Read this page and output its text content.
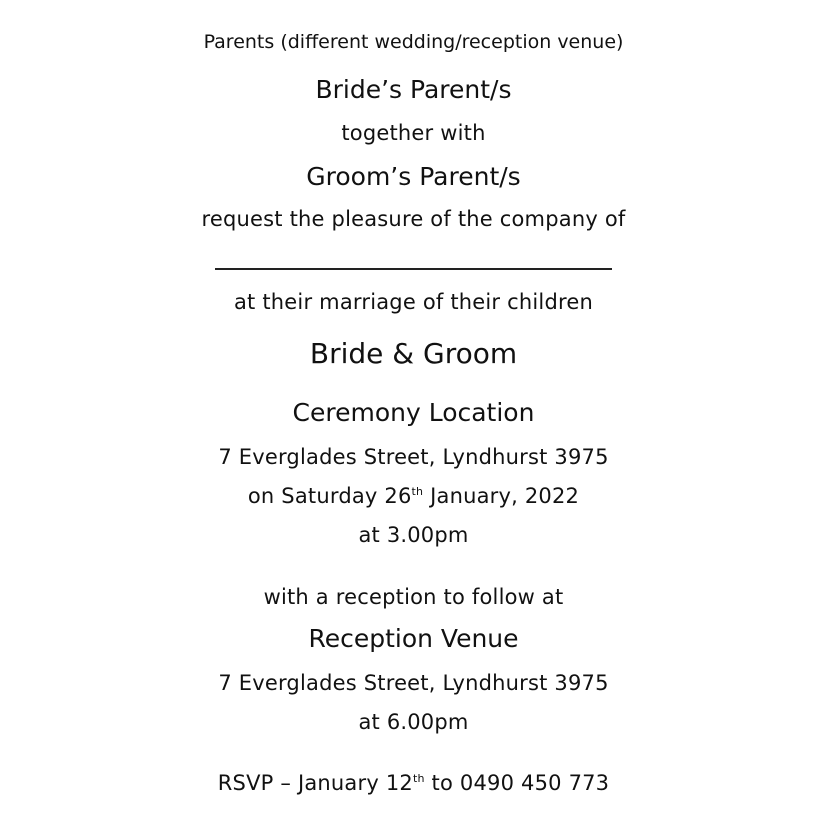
Parents (different wedding/reception venue)
Bride’s Parent/s
together with
Groom’s Parent/s
request the pleasure of the company of
at their marriage of their children
Bride & Groom
Ceremony Location
7 Everglades Street, Lyndhurst 3975
on Saturday 26th January, 2022
at 3.00pm
with a reception to follow at
Reception Venue
7 Everglades Street, Lyndhurst 3975
at 6.00pm
RSVP – January 12th to 0490 450 773
